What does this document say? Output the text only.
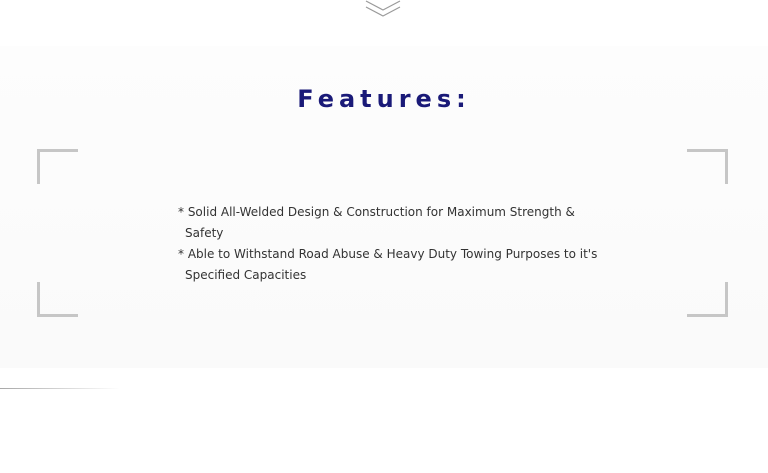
Features:
* Solid All-Welded Design & Construction for Maximum Strength & Safety
* Able to Withstand Road Abuse & Heavy Duty Towing Purposes to it's Specified Capacities
